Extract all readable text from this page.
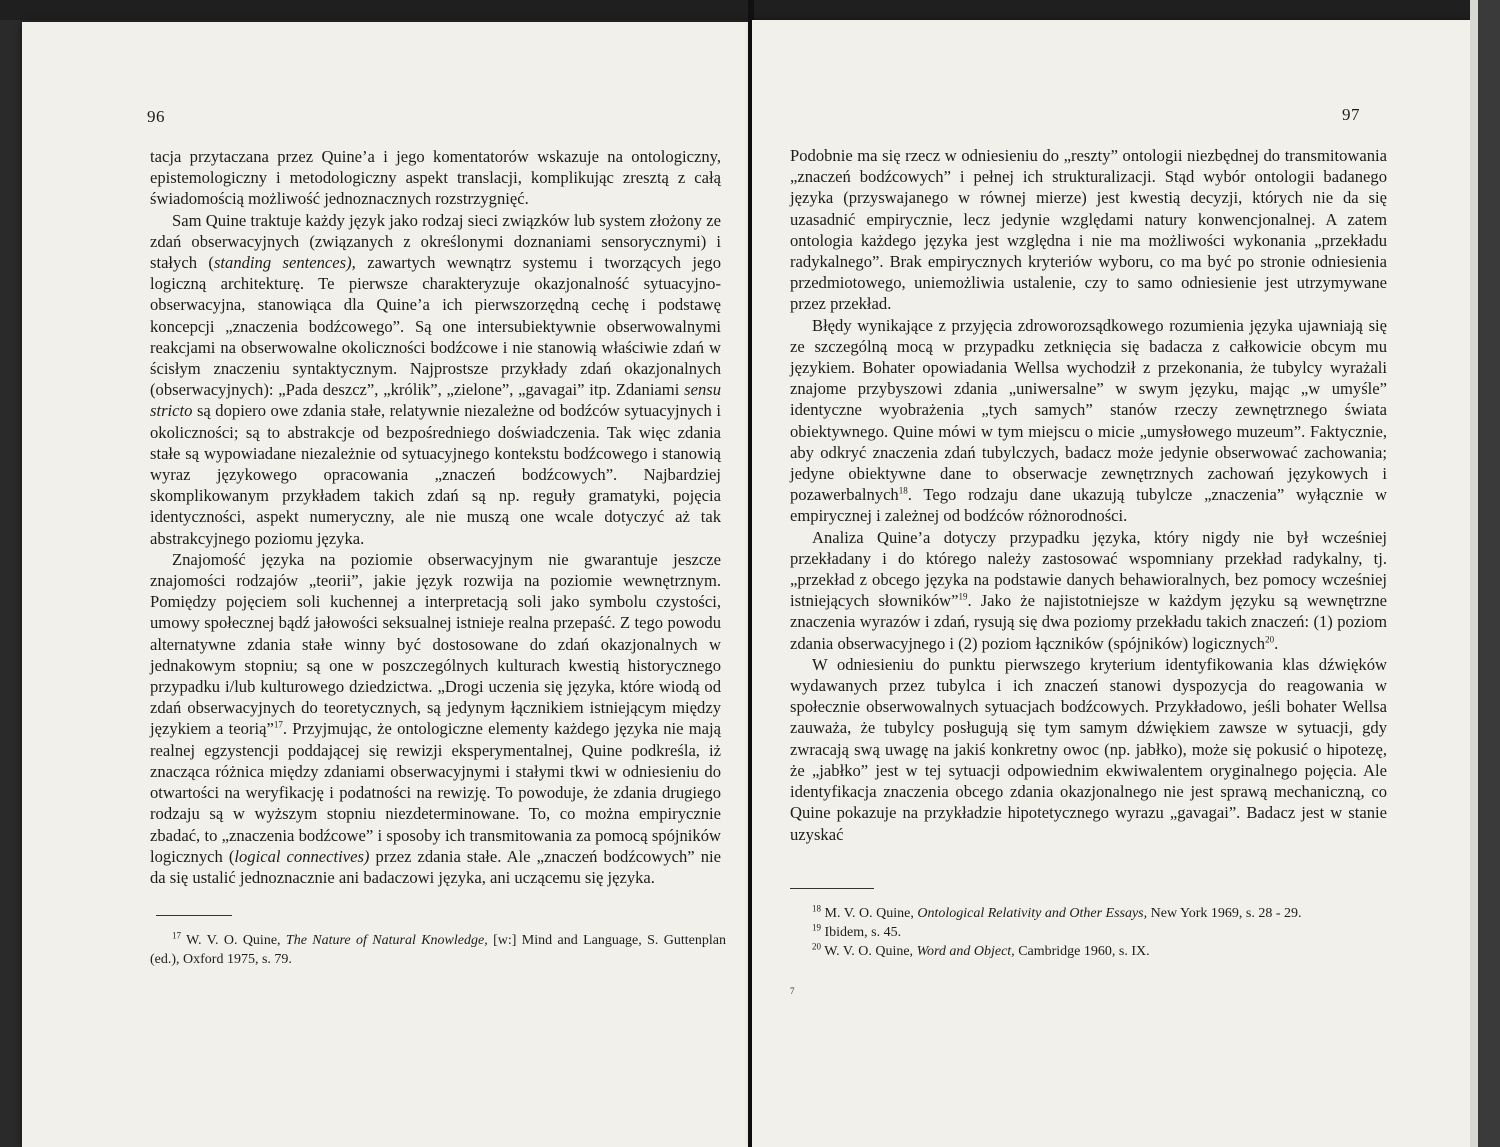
96

tacja przytaczana przez Quine’a i jego komentatorów wskazuje na ontologiczny, epistemologiczny i metodologiczny aspekt translacji, komplikując zresztą z całą świadomością możliwość jednoznacznych rozstrzygnięć.

Sam Quine traktuje każdy język jako rodzaj sieci związków lub system złożony ze zdań obserwacyjnych (związanych z określonymi doznaniami sensorycznymi) i stałych (standing sentences), zawartych wewnątrz systemu i tworzących jego logiczną architekturę. Te pierwsze charakteryzuje okazjonalność sytuacyjno-obserwacyjna, stanowiąca dla Quine’a ich pierwszorzędną cechę i podstawę koncepcji „znaczenia bodźcowego”. Są one intersubiektywnie obserwowalnymi reakcjami na obserwowalne okoliczności bodźcowe i nie stanowią właściwie zdań w ścisłym znaczeniu syntaktycznym. Najprostsze przykłady zdań okazjonalnych (obserwacyjnych): „Pada deszcz”, „królik”, „zielone”, „gavagai” itp. Zdaniami sensu stricto są dopiero owe zdania stałe, relatywnie niezależne od bodźców sytuacyjnych i okoliczności; są to abstrakcje od bezpośredniego doświadczenia. Tak więc zdania stałe są wypowiadane niezależnie od sytuacyjnego kontekstu bodźcowego i stanowią wyraz językowego opracowania „znaczeń bodźcowych”. Najbardziej skomplikowanym przykładem takich zdań są np. reguły gramatyki, pojęcia identyczności, aspekt numeryczny, ale nie muszą one wcale dotyczyć aż tak abstrakcyjnego poziomu języka.

Znajomość języka na poziomie obserwacyjnym nie gwarantuje jeszcze znajomości rodzajów „teorii”, jakie język rozwija na poziomie wewnętrznym. Pomiędzy pojęciem soli kuchennej a interpretacją soli jako symbolu czystości, umowy społecznej bądź jałowości seksualnej istnieje realna przepaść. Z tego powodu alternatywne zdania stałe winny być dostosowane do zdań okazjonalnych w jednakowym stopniu; są one w poszczególnych kulturach kwestią historycznego przypadku i/lub kulturowego dziedzictwa. „Drogi uczenia się języka, które wiodą od zdań obserwacyjnych do teoretycznych, są jedynym łącznikiem istniejącym między językiem a teorią”$^{17}$. Przyjmując, że ontologiczne elementy każdego języka nie mają realnej egzystencji poddającej się rewizji eksperymentalnej, Quine podkreśla, iż znacząca różnica między zdaniami obserwacyjnymi i stałymi tkwi w odniesieniu do otwartości na weryfikację i podatności na rewizję. To powoduje, że zdania drugiego rodzaju są w wyższym stopniu niezdeterminowane. To, co można empirycznie zbadać, to „znaczenia bodźcowe” i sposoby ich transmitowania za pomocą spójników logicznych (logical connectives) przez zdania stałe. Ale „znaczeń bodźcowych” nie da się ustalić jednoznacznie ani badaczowi języka, ani uczącemu się języka.

$^{17}$ W. V. O. Quine, The Nature of Natural Knowledge, [w:] Mind and Language, S. Guttenplan (ed.), Oxford 1975, s. 79.

97

Podobnie ma się rzecz w odniesieniu do „reszty” ontologii niezbędnej do transmitowania „znaczeń bodźcowych” i pełnej ich strukturalizacji. Stąd wybór ontologii badanego języka (przyswajanego w równej mierze) jest kwestią decyzji, których nie da się uzasadnić empirycznie, lecz jedynie względami natury konwencjonalnej. A zatem ontologia każdego języka jest względna i nie ma możliwości wykonania „przekładu radykalnego”. Brak empirycznych kryteriów wyboru, co ma być po stronie odniesienia przedmiotowego, uniemożliwia ustalenie, czy to samo odniesienie jest utrzymywane przez przekład.

Błędy wynikające z przyjęcia zdroworozsądkowego rozumienia języka ujawniają się ze szczególną mocą w przypadku zetknięcia się badacza z całkowicie obcym mu językiem. Bohater opowiadania Wellsa wychodził z przekonania, że tubylcy wyrażali znajome przybyszowi zdania „uniwersalne” w swym języku, mając „w umyśle” identyczne wyobrażenia „tych samych” stanów rzeczy zewnętrznego świata obiektywnego. Quine mówi w tym miejscu o micie „umysłowego muzeum”. Faktycznie, aby odkryć znaczenia zdań tubylczych, badacz może jedynie obserwować zachowania; jedyne obiektywne dane to obserwacje zewnętrznych zachowań językowych i pozawerbalnych$^{18}$. Tego rodzaju dane ukazują tubylcze „znaczenia” wyłącznie w empirycznej i zależnej od bodźców różnorodności.

Analiza Quine’a dotyczy przypadku języka, który nigdy nie był wcześniej przekładany i do którego należy zastosować wspomniany przekład radykalny, tj. „przekład z obcego języka na podstawie danych behawioralnych, bez pomocy wcześniej istniejących słowników”$^{19}$. Jako że najistotniejsze w każdym języku są wewnętrzne znaczenia wyrazów i zdań, rysują się dwa poziomy przekładu takich znaczeń: (1) poziom zdania obserwacyjnego i (2) poziom łączników (spójników) logicznych$^{20}$.

W odniesieniu do punktu pierwszego kryterium identyfikowania klas dźwięków wydawanych przez tubylca i ich znaczeń stanowi dyspozycja do reagowania w społecznie obserwowalnych sytuacjach bodźcowych. Przykładowo, jeśli bohater Wellsa zauważa, że tubylcy posługują się tym samym dźwiękiem zawsze w sytuacji, gdy zwracają swą uwagę na jakiś konkretny owoc (np. jabłko), może się pokusić o hipotezę, że „jabłko” jest w tej sytuacji odpowiednim ekwiwalentem oryginalnego pojęcia. Ale identyfikacja znaczenia obcego zdania okazjonalnego nie jest sprawą mechaniczną, co Quine pokazuje na przykładzie hipotetycznego wyrazu „gavagai”. Badacz jest w stanie uzyskać

$^{18}$ M. V. O. Quine, Ontological Relativity and Other Essays, New York 1969, s. 28 - 29.

$^{19}$ Ibidem, s. 45.

$^{20}$ W. V. O. Quine, Word and Object, Cambridge 1960, s. IX.

7
